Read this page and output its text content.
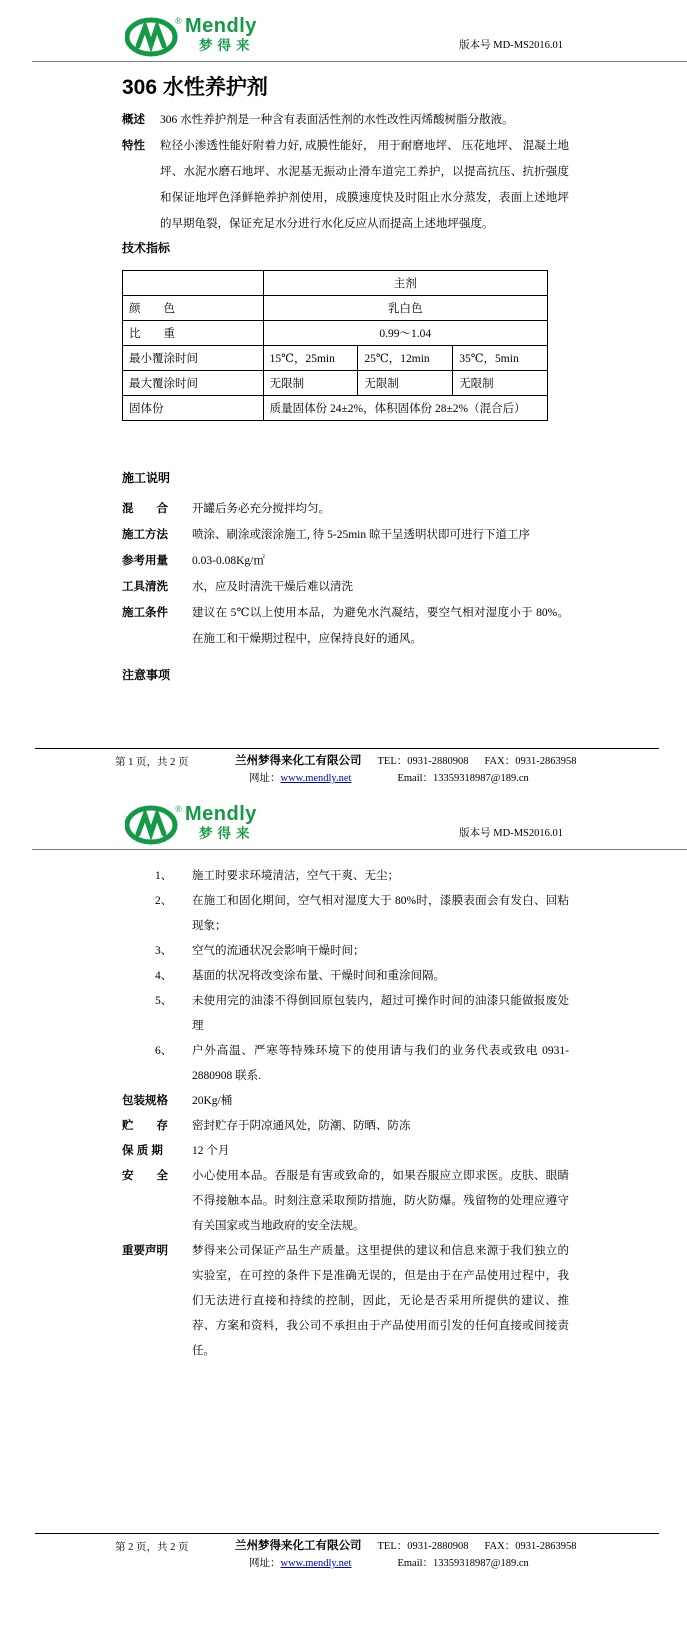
® Mendly
梦得来	版本号 MD-MS2016.01
306 水性养护剂
概述	306 水性养护剂是一种含有表面活性剂的水性改性丙烯酸树脂分散液。
特性	粒径小渗透性能好附着力好, 成膜性能好， 用于耐磨地坪、 压花地坪、 混凝土地坪、水泥水磨石地坪、水泥基无振动止滑车道完工养护，以提高抗压、抗折强度和保证地坪色泽鲜艳养护剂使用，成膜速度快及时阻止水分蒸发，表面上述地坪的早期龟裂，保证充足水分进行水化反应从而提高上述地坪强度。
技术指标
	主剂		
颜　　色	乳白色		
比　　重	0.99～1.04		
最小覆涂时间	15℃，25min	25℃，12min	35℃，5min
最大覆涂时间	无限制	无限制	无限制
固体份	质量固体份 24±2%，体积固体份 28±2%（混合后）		
施工说明
混　　合	开罐后务必充分搅拌均匀。
施工方法	喷涂、刷涂或滚涂施工, 待 5-25min 晾干呈透明状即可进行下道工序
参考用量	0.03-0.08Kg/㎡
工具清洗	水，应及时清洗干燥后难以清洗
施工条件	建议在 5℃以上使用本品，为避免水汽凝结，要空气相对湿度小于 80%。在施工和干燥期过程中，应保持良好的通风。
注意事项
第 1 页，共 2 页	兰州梦得来化工有限公司 TEL：0931-2880908 FAX：0931-2863958
网址：www.mendly.net	Email：13359318987@189.cn
® Mendly
梦得来	版本号 MD-MS2016.01
1、	施工时要求环境清洁，空气干爽、无尘；
2、	在施工和固化期间，空气相对湿度大于 80%时，漆膜表面会有发白、回粘现象；
3、	空气的流通状况会影响干燥时间；
4、	基面的状况将改变涂布量、干燥时间和重涂间隔。
5、	未使用完的油漆不得倒回原包装内，超过可操作时间的油漆只能做报废处理
6、	户外高温、严寒等特殊环境下的使用请与我们的业务代表或致电 0931-2880908 联系.
包装规格	20Kg/桶
贮　　存	密封贮存于阴凉通风处，防潮、防晒、防冻
保 质 期	12 个月
安　　全	小心使用本品。吞服是有害或致命的，如果吞服应立即求医。皮肤、眼睛不得接触本品。时刻注意采取预防措施，防火防爆。残留物的处理应遵守有关国家或当地政府的安全法规。
重要声明	梦得来公司保证产品生产质量。这里提供的建议和信息来源于我们独立的实验室，在可控的条件下是准确无误的，但是由于在产品使用过程中，我们无法进行直接和持续的控制，因此，无论是否采用所提供的建议、推荐、方案和资料，我公司不承担由于产品使用而引发的任何直接或间接责任。
第 2 页，共 2 页	兰州梦得来化工有限公司 TEL：0931-2880908 FAX：0931-2863958
网址：www.mendly.net	Email：13359318987@189.cn
